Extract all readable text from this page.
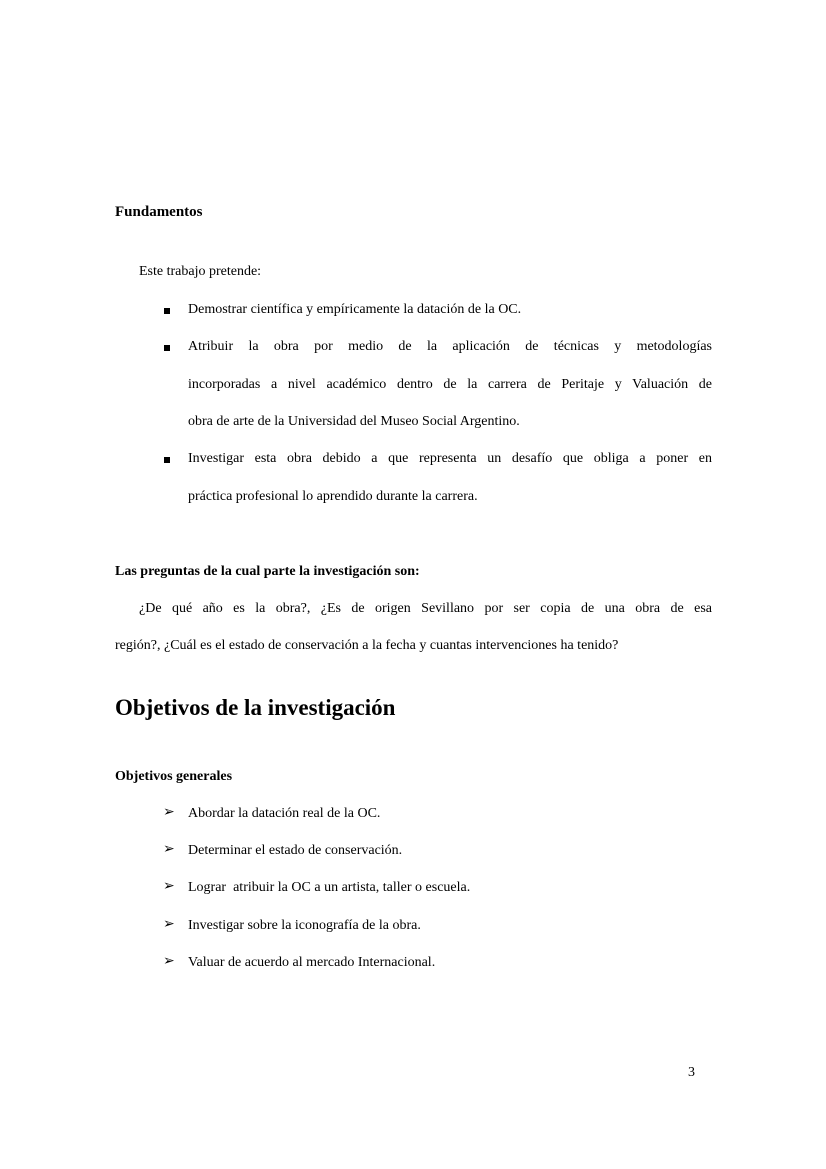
Fundamentos
Este trabajo pretende:
Demostrar científica y empíricamente la datación de la OC.
Atribuir la obra por medio de la aplicación de técnicas y metodologías
incorporadas a nivel académico dentro de la carrera de Peritaje y Valuación de
obra de arte de la Universidad del Museo Social Argentino.
Investigar esta obra debido a que representa un desafío que obliga a poner en
práctica profesional lo aprendido durante la carrera.
Las preguntas de la cual parte la investigación son:
¿De qué año es la obra?, ¿Es de origen Sevillano por ser copia de una obra de esa
región?, ¿Cuál es el estado de conservación a la fecha y cuantas intervenciones ha tenido?
Objetivos de la investigación
Objetivos generales
➢ Abordar la datación real de la OC.
➢ Determinar el estado de conservación.
➢ Lograr  atribuir la OC a un artista, taller o escuela.
➢ Investigar sobre la iconografía de la obra.
➢ Valuar de acuerdo al mercado Internacional.
3
